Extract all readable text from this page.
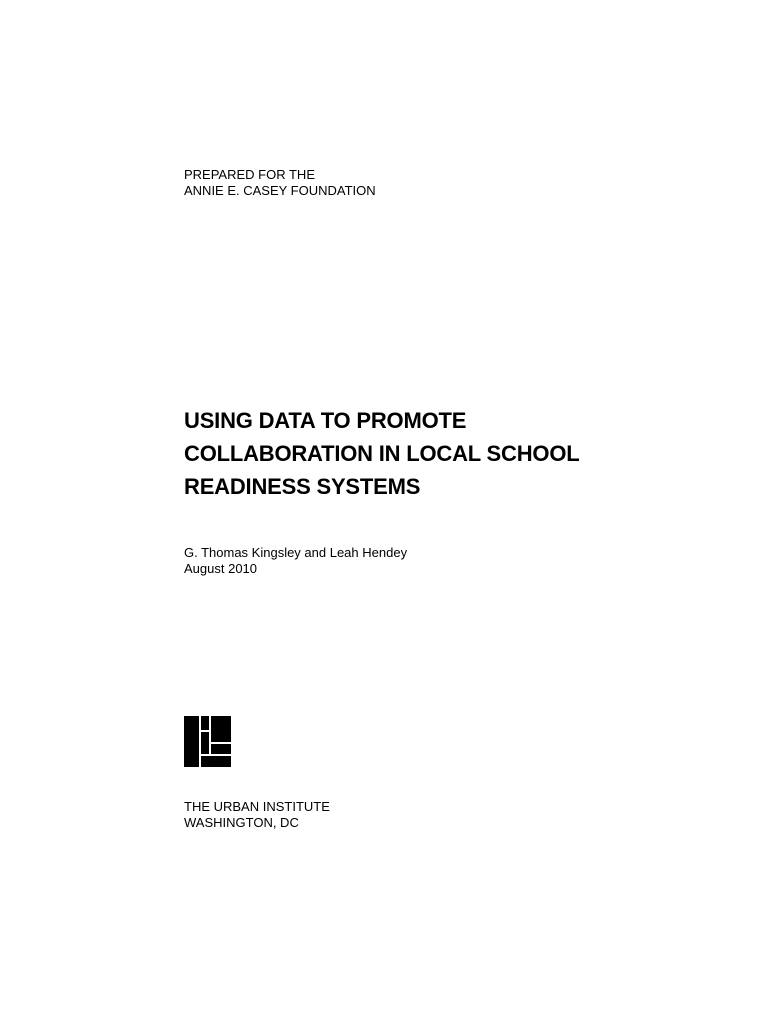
PREPARED FOR THE
ANNIE E. CASEY FOUNDATION
USING DATA TO PROMOTE
COLLABORATION IN LOCAL SCHOOL
READINESS SYSTEMS
G. Thomas Kingsley and Leah Hendey
August 2010
THE URBAN INSTITUTE
WASHINGTON, DC
